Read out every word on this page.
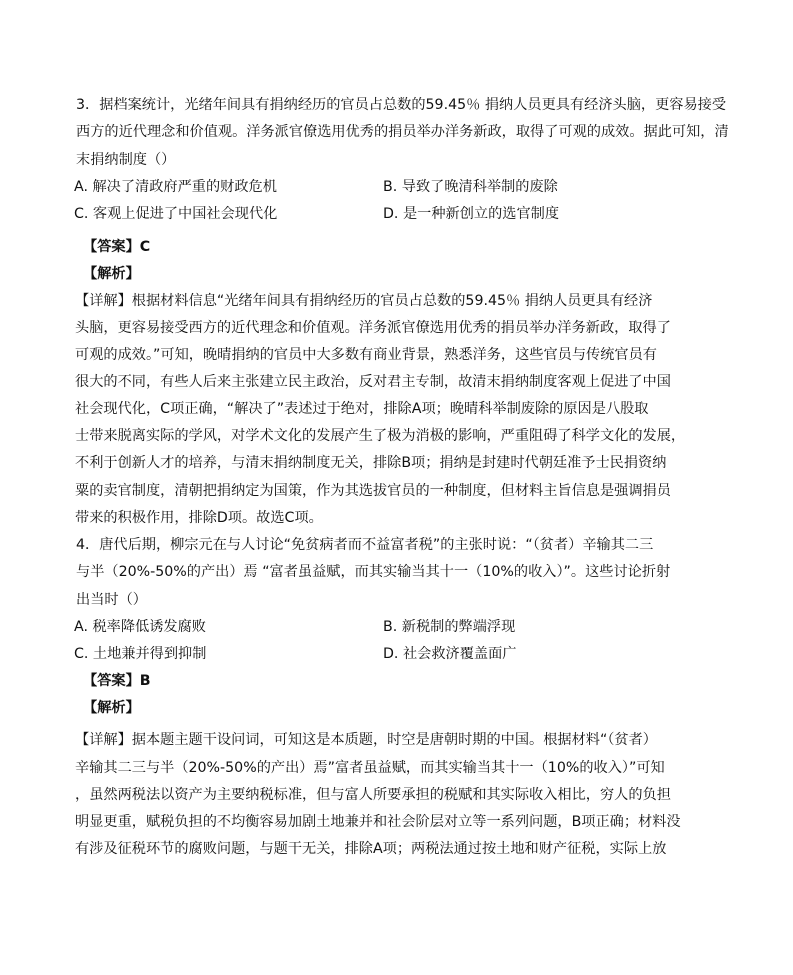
3．据档案统计，光绪年间具有捐纳经历的官员占总数的59.45％ 捐纳人员更具有经济头脑，更容易接受
西方的近代理念和价值观。洋务派官僚选用优秀的捐员举办洋务新政，取得了可观的成效。据此可知，清
末捐纳制度（）
A. 解决了清政府严重的财政危机	B. 导致了晚清科举制的废除
C. 客观上促进了中国社会现代化	D. 是一种新创立的选官制度
【答案】C
【解析】
【详解】根据材料信息“光绪年间具有捐纳经历的官员占总数的59.45％ 捐纳人员更具有经济
头脑，更容易接受西方的近代理念和价值观。洋务派官僚选用优秀的捐员举办洋务新政，取得了
可观的成效。”可知，晚晴捐纳的官员中大多数有商业背景，熟悉洋务，这些官员与传统官员有
很大的不同，有些人后来主张建立民主政治，反对君主专制，故清末捐纳制度客观上促进了中国
社会现代化，C项正确，“解决了”表述过于绝对，排除A项；晚晴科举制废除的原因是八股取
士带来脱离实际的学风，对学术文化的发展产生了极为消极的影响，严重阻碍了科学文化的发展，
不利于创新人才的培养，与清末捐纳制度无关，排除B项；捐纳是封建时代朝廷准予士民捐资纳
粟的卖官制度，清朝把捐纳定为国策，作为其选拔官员的一种制度，但材料主旨信息是强调捐员
带来的积极作用，排除D项。故选C项。
4．唐代后期，柳宗元在与人讨论“免贫病者而不益富者税”的主张时说：“（贫者）辛输其二三
与半（20%-50%的产出）焉 “富者虽益赋，而其实输当其十一（10%的收入）”。这些讨论折射
出当时（）
A. 税率降低诱发腐败	B. 新税制的弊端浮现
C. 土地兼并得到抑制	D. 社会救济覆盖面广
【答案】B
【解析】
【详解】据本题主题干设问词，可知这是本质题，时空是唐朝时期的中国。根据材料“（贫者）
辛输其二三与半（20%-50%的产出）焉”富者虽益赋，而其实输当其十一（10%的收入）”可知
，虽然两税法以资产为主要纳税标准，但与富人所要承担的税赋和其实际收入相比，穷人的负担
明显更重，赋税负担的不均衡容易加剧土地兼并和社会阶层对立等一系列问题，B项正确；材料没
有涉及征税环节的腐败问题，与题干无关，排除A项；两税法通过按土地和财产征税，实际上放
